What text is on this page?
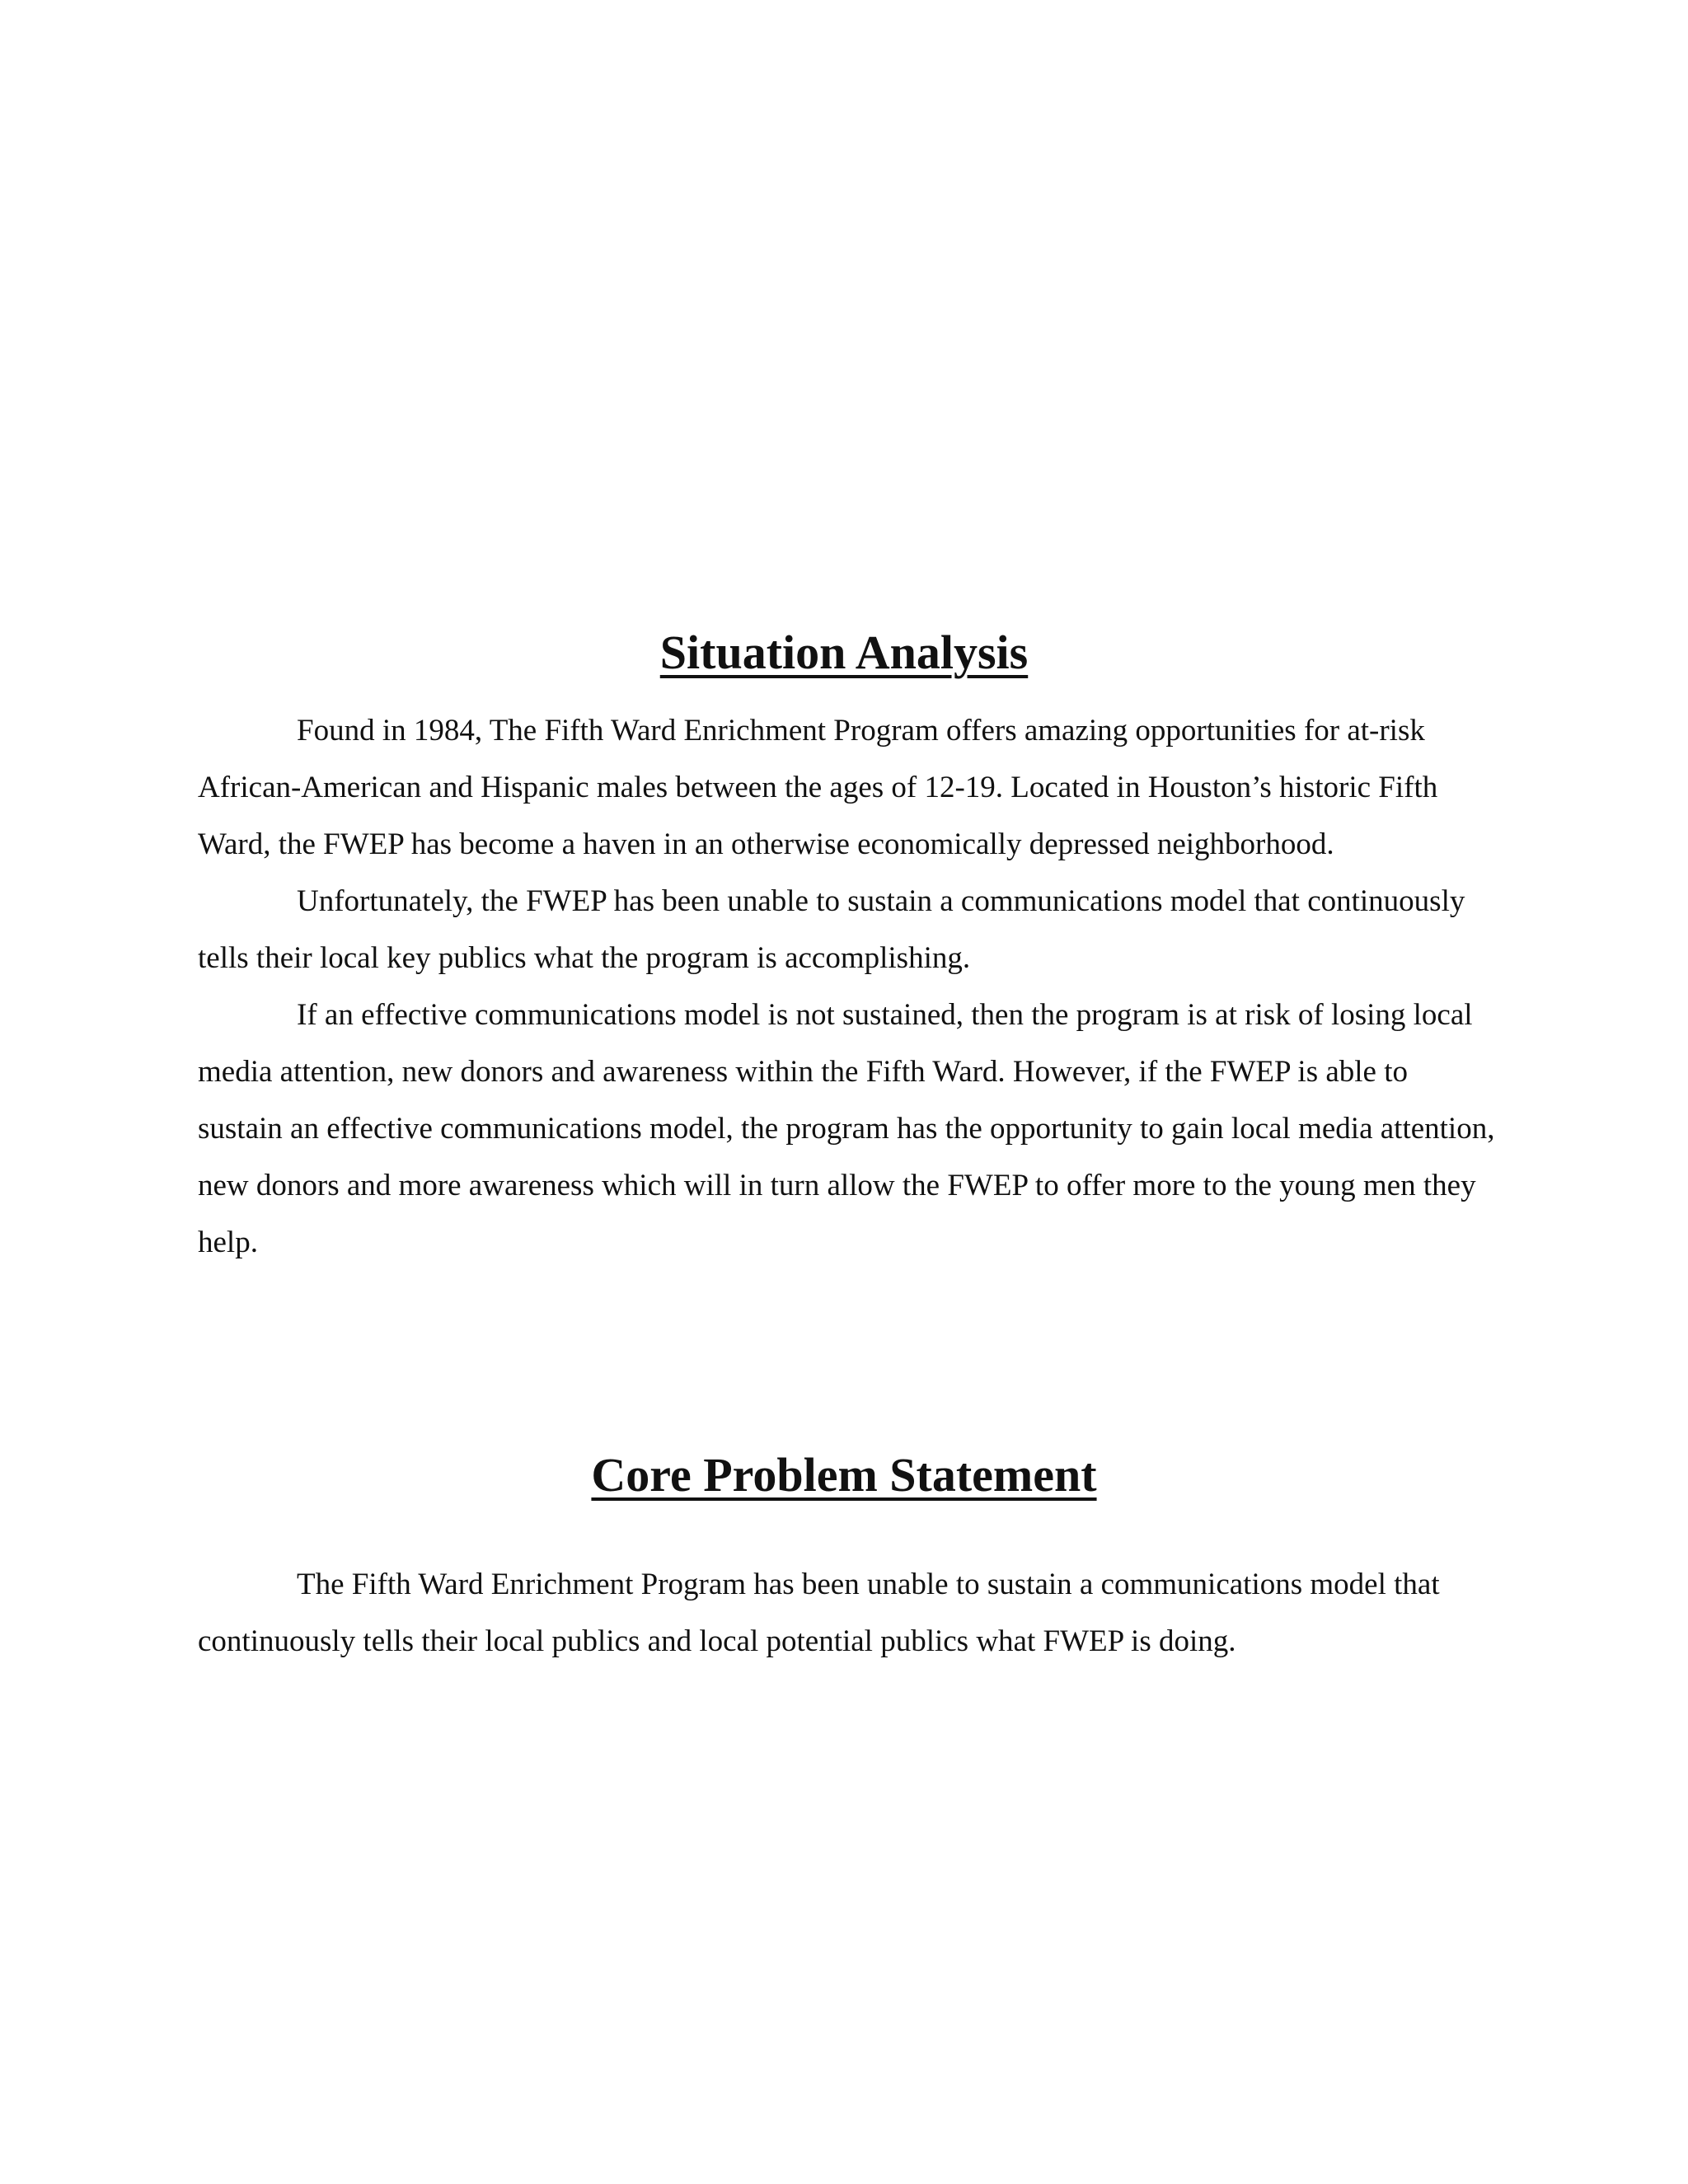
Situation Analysis

Found in 1984, The Fifth Ward Enrichment Program offers amazing opportunities for at-risk African-American and Hispanic males between the ages of 12-19. Located in Houston’s historic Fifth Ward, the FWEP has become a haven in an otherwise economically depressed neighborhood.

Unfortunately, the FWEP has been unable to sustain a communications model that continuously tells their local key publics what the program is accomplishing.

If an effective communications model is not sustained, then the program is at risk of losing local media attention, new donors and awareness within the Fifth Ward. However, if the FWEP is able to sustain an effective communications model, the program has the opportunity to gain local media attention, new donors and more awareness which will in turn allow the FWEP to offer more to the young men they help.

Core Problem Statement

The Fifth Ward Enrichment Program has been unable to sustain a communications model that continuously tells their local publics and local potential publics what FWEP is doing.
